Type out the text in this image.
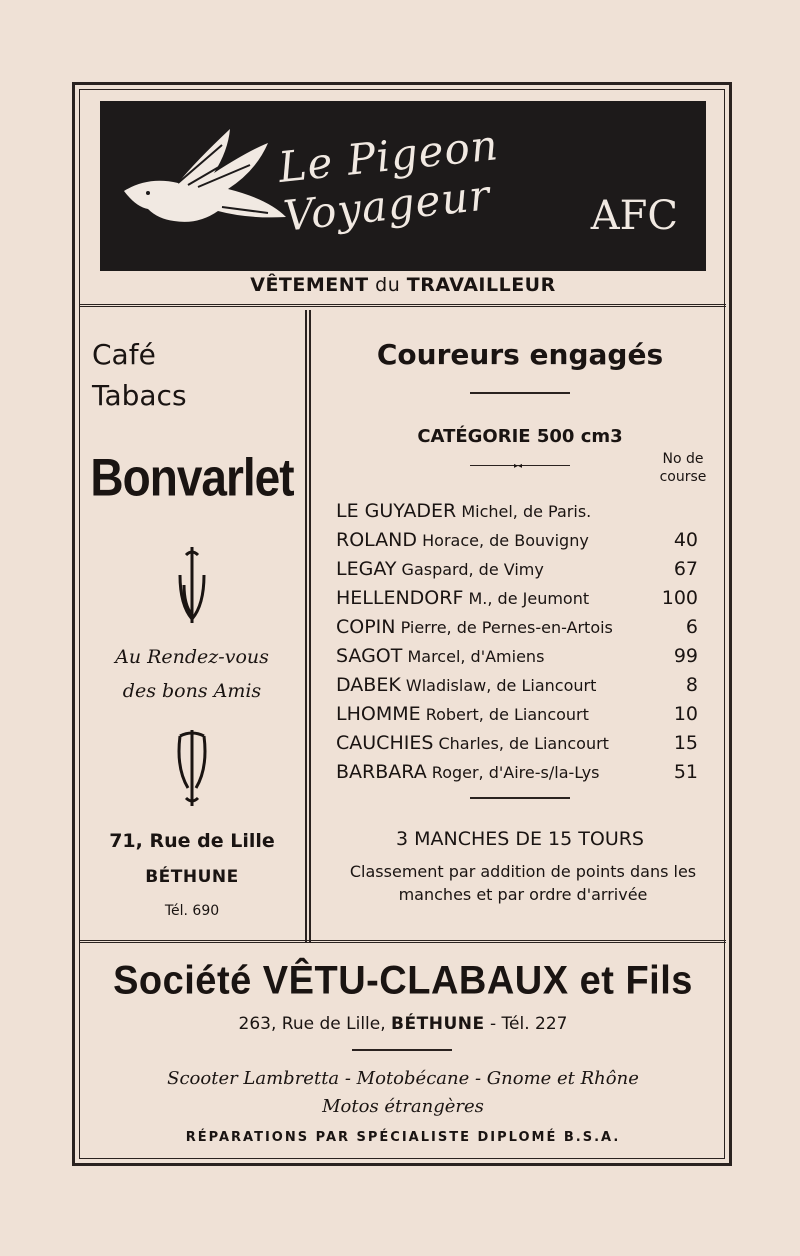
Le Pigeon Voyageur	AFC
VÊTEMENT du TRAVAILLEUR
Café
Tabacs
Bonvarlet
Au Rendez-vous
des bons Amis
71, Rue de Lille
BÉTHUNE
Tél. 690
Coureurs engagés
CATÉGORIE 500 cm3
▸◂	No de
course
LE GUYADER Michel, de Paris.
ROLAND Horace, de Bouvigny	40
LEGAY Gaspard, de Vimy	67
HELLENDORF M., de Jeumont	100
COPIN Pierre, de Pernes-en-Artois	6
SAGOT Marcel, d'Amiens	99
DABEK Wladislaw, de Liancourt	8
LHOMME Robert, de Liancourt	10
CAUCHIES Charles, de Liancourt	15
BARBARA Roger, d'Aire-s/la-Lys	51
3 MANCHES DE 15 TOURS
Classement par addition de points dans les manches et par ordre d'arrivée
Société VÊTU-CLABAUX et Fils
263, Rue de Lille, BÉTHUNE - Tél. 227
Scooter Lambretta - Motobécane - Gnome et Rhône
Motos étrangères
RÉPARATIONS PAR SPÉCIALISTE DIPLOMÉ B.S.A.
